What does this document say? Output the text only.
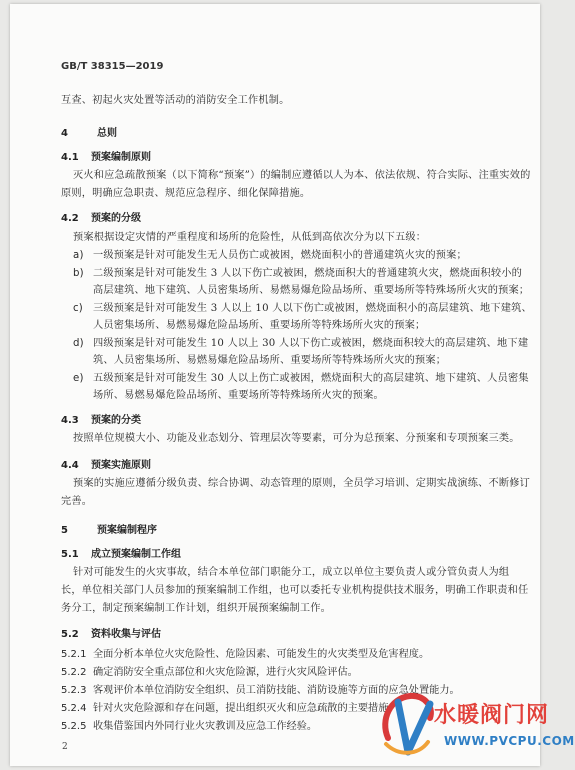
GB/T 38315—2019
互查、初起火灾处置等活动的消防安全工作机制。
4	总则
4.1 预案编制原则
灭火和应急疏散预案（以下简称“预案”）的编制应遵循以人为本、依法依规、符合实际、注重实效的
原则，明确应急职责、规范应急程序、细化保障措施。
4.2 预案的分级
预案根据设定灾情的严重程度和场所的危险性，从低到高依次分为以下五级：
a) 一级预案是针对可能发生无人员伤亡或被困，燃烧面积小的普通建筑火灾的预案；
b) 二级预案是针对可能发生 3 人以下伤亡或被困，燃烧面积大的普通建筑火灾，燃烧面积较小的
高层建筑、地下建筑、人员密集场所、易燃易爆危险品场所、重要场所等特殊场所火灾的预案；
c) 三级预案是针对可能发生 3 人以上 10 人以下伤亡或被困，燃烧面积小的高层建筑、地下建筑、
人员密集场所、易燃易爆危险品场所、重要场所等特殊场所火灾的预案；
d) 四级预案是针对可能发生 10 人以上 30 人以下伤亡或被困，燃烧面积较大的高层建筑、地下建
筑、人员密集场所、易燃易爆危险品场所、重要场所等特殊场所火灾的预案；
e) 五级预案是针对可能发生 30 人以上伤亡或被困，燃烧面积大的高层建筑、地下建筑、人员密集
场所、易燃易爆危险品场所、重要场所等特殊场所火灾的预案。
4.3 预案的分类
按照单位规模大小、功能及业态划分、管理层次等要素，可分为总预案、分预案和专项预案三类。
4.4 预案实施原则
预案的实施应遵循分级负责、综合协调、动态管理的原则，全员学习培训、定期实战演练、不断修订
完善。
5	预案编制程序
5.1 成立预案编制工作组
针对可能发生的火灾事故，结合本单位部门职能分工，成立以单位主要负责人或分管负责人为组
长，单位相关部门人员参加的预案编制工作组，也可以委托专业机构提供技术服务，明确工作职责和任
务分工，制定预案编制工作计划，组织开展预案编制工作。
5.2 资料收集与评估
5.2.1 全面分析本单位火灾危险性、危险因素、可能发生的火灾类型及危害程度。
5.2.2 确定消防安全重点部位和火灾危险源，进行火灾风险评估。
5.2.3 客观评价本单位消防安全组织、员工消防技能、消防设施等方面的应急处置能力。
5.2.4 针对火灾危险源和存在问题，提出组织灭火和应急疏散的主要措施。
5.2.5 收集借鉴国内外同行业火灾教训及应急工作经验。
2
水暖阀门网
WWW.PVCPU.COM
